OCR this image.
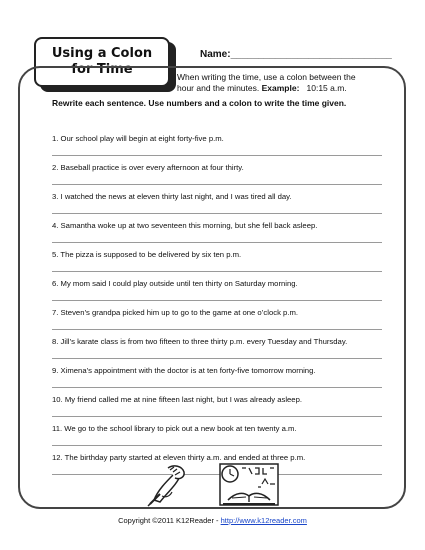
Using a Colon
for Time
Name:_____________________________
When writing the time, use a colon between the
hour and the minutes. Example: 10:15 a.m.
Rewrite each sentence. Use numbers and a colon to write the time given.
1. Our school play will begin at eight forty-five p.m.
2. Baseball practice is over every afternoon at four thirty.
3. I watched the news at eleven thirty last night, and I was tired all day.
4. Samantha woke up at two seventeen this morning, but she fell back asleep.
5. The pizza is supposed to be delivered by six ten p.m.
6. My mom said I could play outside until ten thirty on Saturday morning.
7. Steven’s grandpa picked him up to go to the game at one o’clock p.m.
8. Jill’s karate class is from two fifteen to three thirty p.m. every Tuesday and Thursday.
9. Ximena’s appointment with the doctor is at ten forty-five tomorrow morning.
10. My friend called me at nine fifteen last night, but I was already asleep.
11. We go to the school library to pick out a new book at ten twenty a.m.
12. The birthday party started at eleven thirty a.m. and ended at three p.m.
Copyright ©2011 K12Reader - http://www.k12reader.com
